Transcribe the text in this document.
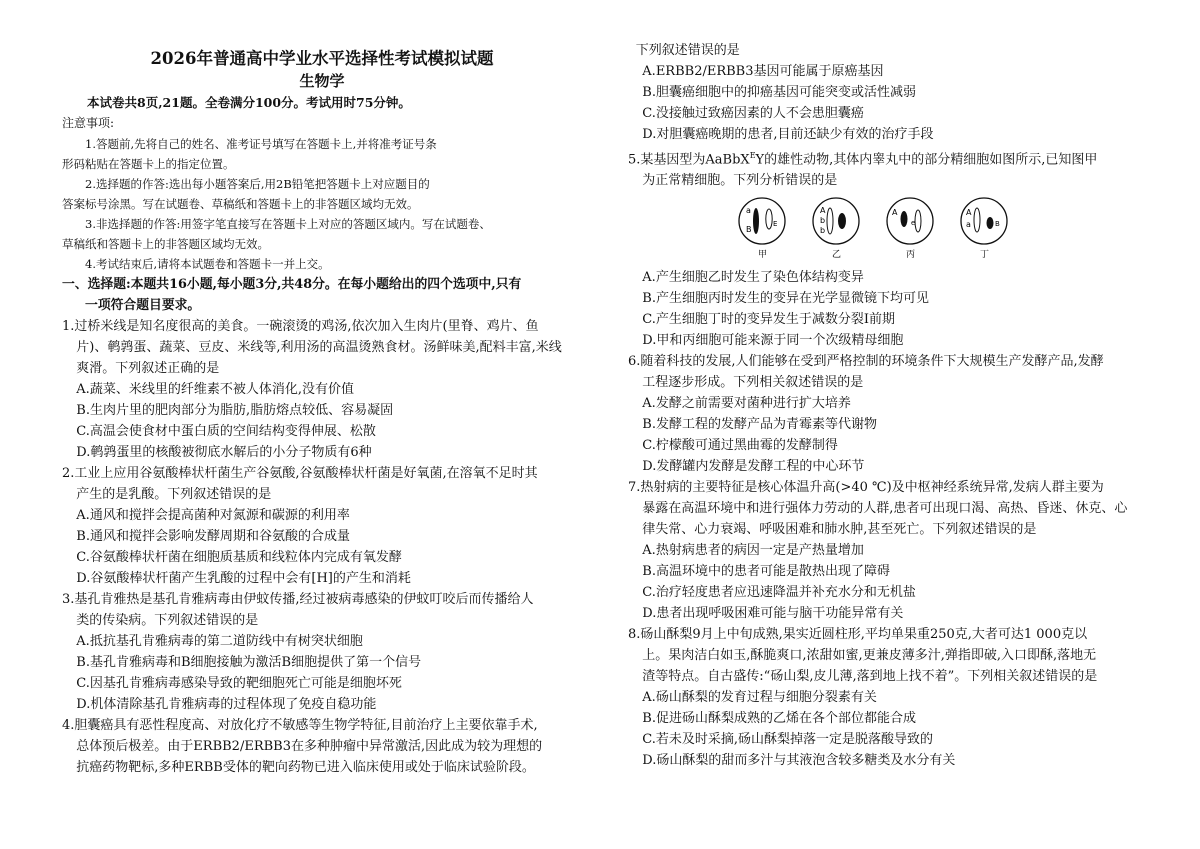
2026年普通高中学业水平选择性考试模拟试题
生物学
本试卷共8页,21题。全卷满分100分。考试用时75分钟。
注意事项:
1.答题前,先将自己的姓名、准考证号填写在答题卡上,并将准考证号条
形码粘贴在答题卡上的指定位置。
2.选择题的作答:选出每小题答案后,用2B铅笔把答题卡上对应题目的
答案标号涂黑。写在试题卷、草稿纸和答题卡上的非答题区域均无效。
3.非选择题的作答:用签字笔直接写在答题卡上对应的答题区域内。写在试题卷、
草稿纸和答题卡上的非答题区域均无效。
4.考试结束后,请将本试题卷和答题卡一并上交。
一、选择题:本题共16小题,每小题3分,共48分。在每小题给出的四个选项中,只有
一项符合题目要求。
1.过桥米线是知名度很高的美食。一碗滚烫的鸡汤,依次加入生肉片(里脊、鸡片、鱼
片)、鹌鹑蛋、蔬菜、豆皮、米线等,利用汤的高温烫熟食材。汤鲜味美,配料丰富,米线
爽滑。下列叙述正确的是
A.蔬菜、米线里的纤维素不被人体消化,没有价值
B.生肉片里的肥肉部分为脂肪,脂肪熔点较低、容易凝固
C.高温会使食材中蛋白质的空间结构变得伸展、松散
D.鹌鹑蛋里的核酸被彻底水解后的小分子物质有6种
2.工业上应用谷氨酸棒状杆菌生产谷氨酸,谷氨酸棒状杆菌是好氧菌,在溶氧不足时其
产生的是乳酸。下列叙述错误的是
A.通风和搅拌会提高菌种对氮源和碳源的利用率
B.通风和搅拌会影响发酵周期和谷氨酸的合成量
C.谷氨酸棒状杆菌在细胞质基质和线粒体内完成有氧发酵
D.谷氨酸棒状杆菌产生乳酸的过程中会有[H]的产生和消耗
3.基孔肯雅热是基孔肯雅病毒由伊蚊传播,经过被病毒感染的伊蚊叮咬后而传播给人
类的传染病。下列叙述错误的是
A.抵抗基孔肯雅病毒的第二道防线中有树突状细胞
B.基孔肯雅病毒和B细胞接触为激活B细胞提供了第一个信号
C.因基孔肯雅病毒感染导致的靶细胞死亡可能是细胞坏死
D.机体清除基孔肯雅病毒的过程体现了免疫自稳功能
4.胆囊癌具有恶性程度高、对放化疗不敏感等生物学特征,目前治疗上主要依靠手术,
总体预后极差。由于ERBB2/ERBB3在多种肿瘤中异常激活,因此成为较为理想的
抗癌药物靶标,多种ERBB受体的靶向药物已进入临床使用或处于临床试验阶段。
下列叙述错误的是
A.ERBB2/ERBB3基因可能属于原癌基因
B.胆囊癌细胞中的抑癌基因可能突变或活性减弱
C.没接触过致癌因素的人不会患胆囊癌
D.对胆囊癌晚期的患者,目前还缺少有效的治疗手段
5.某基因型为AaBbX$^E$Y的雄性动物,其体内睾丸中的部分精细胞如图所示,已知图甲
为正常精细胞。下列分析错误的是
a
B
E
甲
A
b
b
乙
A
e
丙
A
a	B
丁
A.产生细胞乙时发生了染色体结构变异
B.产生细胞丙时发生的变异在光学显微镜下均可见
C.产生细胞丁时的变异发生于减数分裂Ⅰ前期
D.甲和丙细胞可能来源于同一个次级精母细胞
6.随着科技的发展,人们能够在受到严格控制的环境条件下大规模生产发酵产品,发酵
工程逐步形成。下列相关叙述错误的是
A.发酵之前需要对菌种进行扩大培养
B.发酵工程的发酵产品为青霉素等代谢物
C.柠檬酸可通过黑曲霉的发酵制得
D.发酵罐内发酵是发酵工程的中心环节
7.热射病的主要特征是核心体温升高(>40 ℃)及中枢神经系统异常,发病人群主要为
暴露在高温环境中和进行强体力劳动的人群,患者可出现口渴、高热、昏迷、休克、心
律失常、心力衰竭、呼吸困难和肺水肿,甚至死亡。下列叙述错误的是
A.热射病患者的病因一定是产热量增加
B.高温环境中的患者可能是散热出现了障碍
C.治疗轻度患者应迅速降温并补充水分和无机盐
D.患者出现呼吸困难可能与脑干功能异常有关
8.砀山酥梨9月上中旬成熟,果实近圆柱形,平均单果重250克,大者可达1 000克以
上。果肉洁白如玉,酥脆爽口,浓甜如蜜,更兼皮薄多汁,弹指即破,入口即酥,落地无
渣等特点。自古盛传:“砀山梨,皮儿薄,落到地上找不着”。下列相关叙述错误的是
A.砀山酥梨的发育过程与细胞分裂素有关
B.促进砀山酥梨成熟的乙烯在各个部位都能合成
C.若未及时采摘,砀山酥梨掉落一定是脱落酸导致的
D.砀山酥梨的甜而多汁与其液泡含较多糖类及水分有关
